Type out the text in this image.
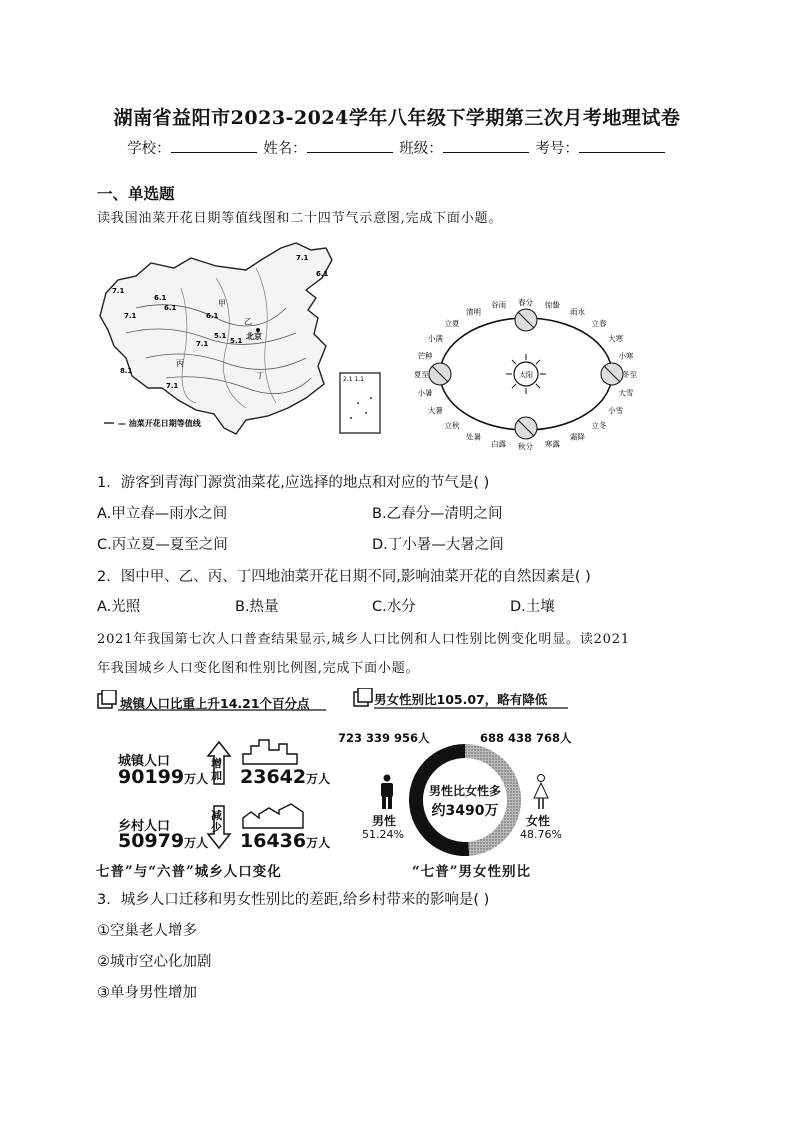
湖南省益阳市2023-2024学年八年级下学期第三次月考地理试卷
学校：	姓名：	班级：	考号：
一、单选题
读我国油菜开花日期等值线图和二十四节气示意图,完成下面小题。
7.1
6.1
6.1
6.1
7.1
7.1	6.1
5.1
5.1
7.1
7.1
8.1
北京
甲
乙
丙
丁
— 油菜开花日期等值线
2.1 1.1
太阳
春分
谷雨
清明
立夏
小满
芒种
夏至
小暑
大暑
立秋
处暑
白露 秋分 寒露
霜降
立冬
小雪
大雪
冬至
小寒
大寒
立春
雨水
惊蛰
1．游客到青海门源赏油菜花,应选择的地点和对应的节气是( )
A.甲立春—雨水之间	B.乙春分—清明之间
C.丙立夏—夏至之间	D.丁小暑—大暑之间
2．图中甲、乙、丙、丁四地油菜开花日期不同,影响油菜开花的自然因素是( )
A.光照	B.热量	C.水分	D.土壤
2021年我国第七次人口普查结果显示,城乡人口比例和人口性别比例变化明显。读2021
年我国城乡人口变化图和性别比例图,完成下面小题。
城镇人口比重上升14.21个百分点
城镇人口
90199万人
增加 23642万人
乡村人口
50979万人
减少
16436万人
七普”与“六普”城乡人口变化
男女性别比105.07，略有降低
723 339 956人	688 438 768人
男性比女性多
约3490万
男性
51.24%
女性
48.76%
“七普”男女性别比
3．城乡人口迁移和男女性别比的差距,给乡村带来的影响是( )
①空巢老人增多
②城市空心化加剧
③单身男性增加
